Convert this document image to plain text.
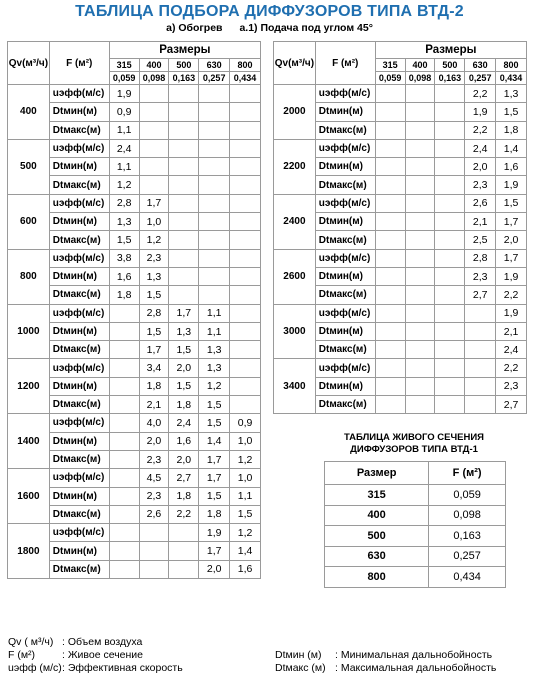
ТАБЛИЦА ПОДБОРА ДИФФУЗОРОВ ТИПА ВТД-2
а) Обогрев а.1) Подача под углом 45°
Qv(м³/ч)	F (м²)	Размеры				
		315	400	500	630	800
		0,059	0,098	0,163	0,257	0,434
400	uэфф(м/с)	1,9				
	Dtмин(м)	0,9				
	Dtмакс(м)	1,1				
500	uэфф(м/с)	2,4				
	Dtмин(м)	1,1				
	Dtмакс(м)	1,2				
600	uэфф(м/с)	2,8	1,7			
	Dtмин(м)	1,3	1,0			
	Dtмакс(м)	1,5	1,2			
800	uэфф(м/с)	3,8	2,3			
	Dtмин(м)	1,6	1,3			
	Dtмакс(м)	1,8	1,5			
1000	uэфф(м/с)		2,8	1,7	1,1	
	Dtмин(м)		1,5	1,3	1,1	
	Dtмакс(м)		1,7	1,5	1,3	
1200	uэфф(м/с)		3,4	2,0	1,3	
	Dtмин(м)		1,8	1,5	1,2	
	Dtмакс(м)		2,1	1,8	1,5	
1400	uэфф(м/с)		4,0	2,4	1,5	0,9
	Dtмин(м)		2,0	1,6	1,4	1,0
	Dtмакс(м)		2,3	2,0	1,7	1,2
1600	uэфф(м/с)		4,5	2,7	1,7	1,0
	Dtмин(м)		2,3	1,8	1,5	1,1
	Dtмакс(м)		2,6	2,2	1,8	1,5
1800	uэфф(м/с)				1,9	1,2
	Dtмин(м)				1,7	1,4
	Dtмакс(м)				2,0	1,6
Qv(м³/ч)	F (м²)	Размеры				
		315	400	500	630	800
		0,059	0,098	0,163	0,257	0,434
2000	uэфф(м/с)				2,2	1,3
	Dtмин(м)				1,9	1,5
	Dtмакс(м)				2,2	1,8
2200	uэфф(м/с)				2,4	1,4
	Dtмин(м)				2,0	1,6
	Dtмакс(м)				2,3	1,9
2400	uэфф(м/с)				2,6	1,5
	Dtмин(м)				2,1	1,7
	Dtмакс(м)				2,5	2,0
2600	uэфф(м/с)				2,8	1,7
	Dtмин(м)				2,3	1,9
	Dtмакс(м)				2,7	2,2
3000	uэфф(м/с)					1,9
	Dtмин(м)					2,1
	Dtмакс(м)					2,4
3400	uэфф(м/с)					2,2
	Dtмин(м)					2,3
	Dtмакс(м)					2,7
ТАБЛИЦА ЖИВОГО СЕЧЕНИЯ
ДИФФУЗОРОВ ТИПА ВТД-1
Размер	F (м²)
315	0,059
400	0,098
500	0,163
630	0,257
800	0,434
Qv ( м³/ч) : Объем воздуха
F (м²)	: Живое сечение
uэфф (м/с): Эффективная скорость
Dtмин (м) : Минимальная дальнобойность
Dtмакс (м) : Максимальная дальнобойность
